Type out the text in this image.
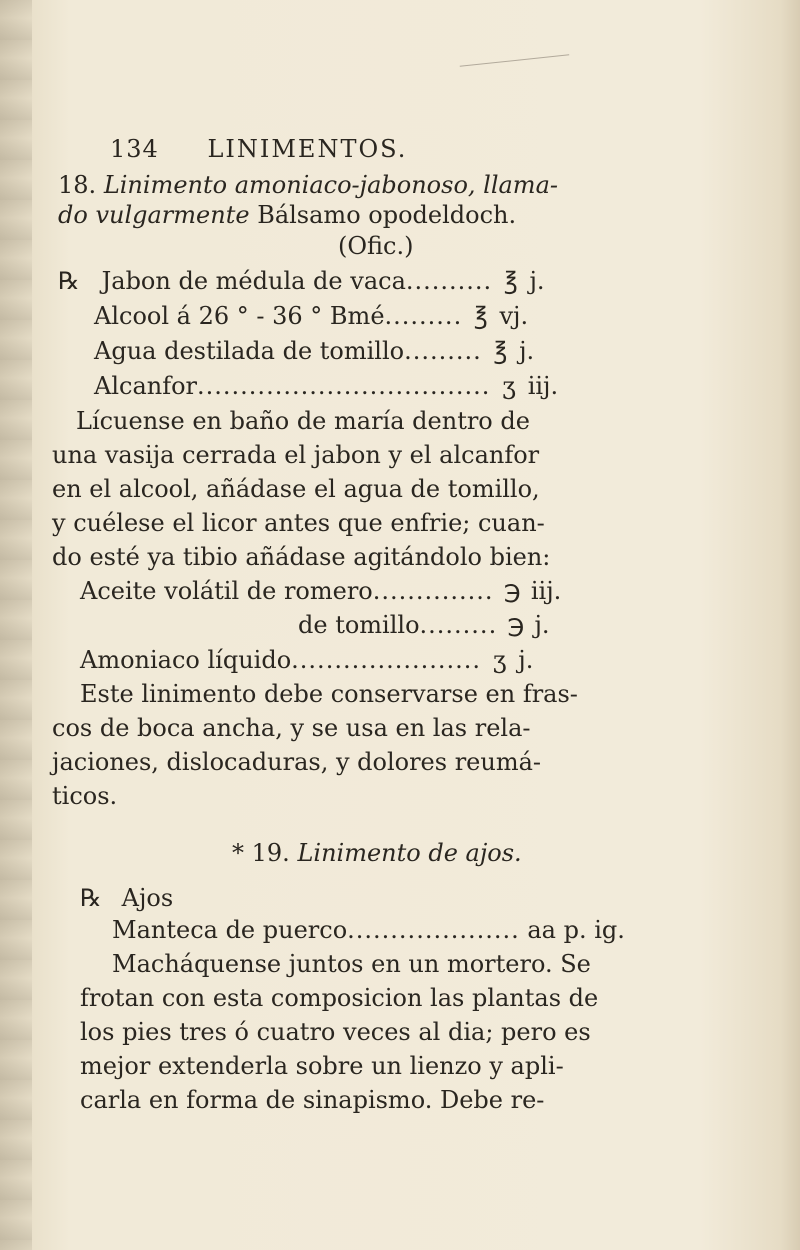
134 LINIMENTOS.
18. Linimento amoniaco-jabonoso, llama-
do vulgarmente Bálsamo opodeldoch.
(Ofic.)
℞ Jabon de médula de vaca.......... ℥ j.
Alcool á 26 ° - 36 ° Bmé......... ℥ vj.
Agua destilada de tomillo......... ℥ j.
Alcanfor.................................. ʒ iij.
Lícuense en baño de maría dentro de
una vasija cerrada el jabon y el alcanfor
en el alcool, añádase el agua de tomillo,
y cuélese el licor antes que enfrie; cuan-
do esté ya tibio añádase agitándolo bien:
Aceite volátil de romero.............. ℈ iij.
de tomillo......... ℈ j.
Amoniaco líquido...................... ʒ j.
Este linimento debe conservarse en fras-
cos de boca ancha, y se usa en las rela-
jaciones, dislocaduras, y dolores reumá-
ticos.
* 19. Linimento de ajos.
℞ Ajos
Manteca de puerco.................... aa p. ig.
Macháquense juntos en un mortero. Se
frotan con esta composicion las plantas de
los pies tres ó cuatro veces al dia; pero es
mejor extenderla sobre un lienzo y apli-
carla en forma de sinapismo. Debe re-
